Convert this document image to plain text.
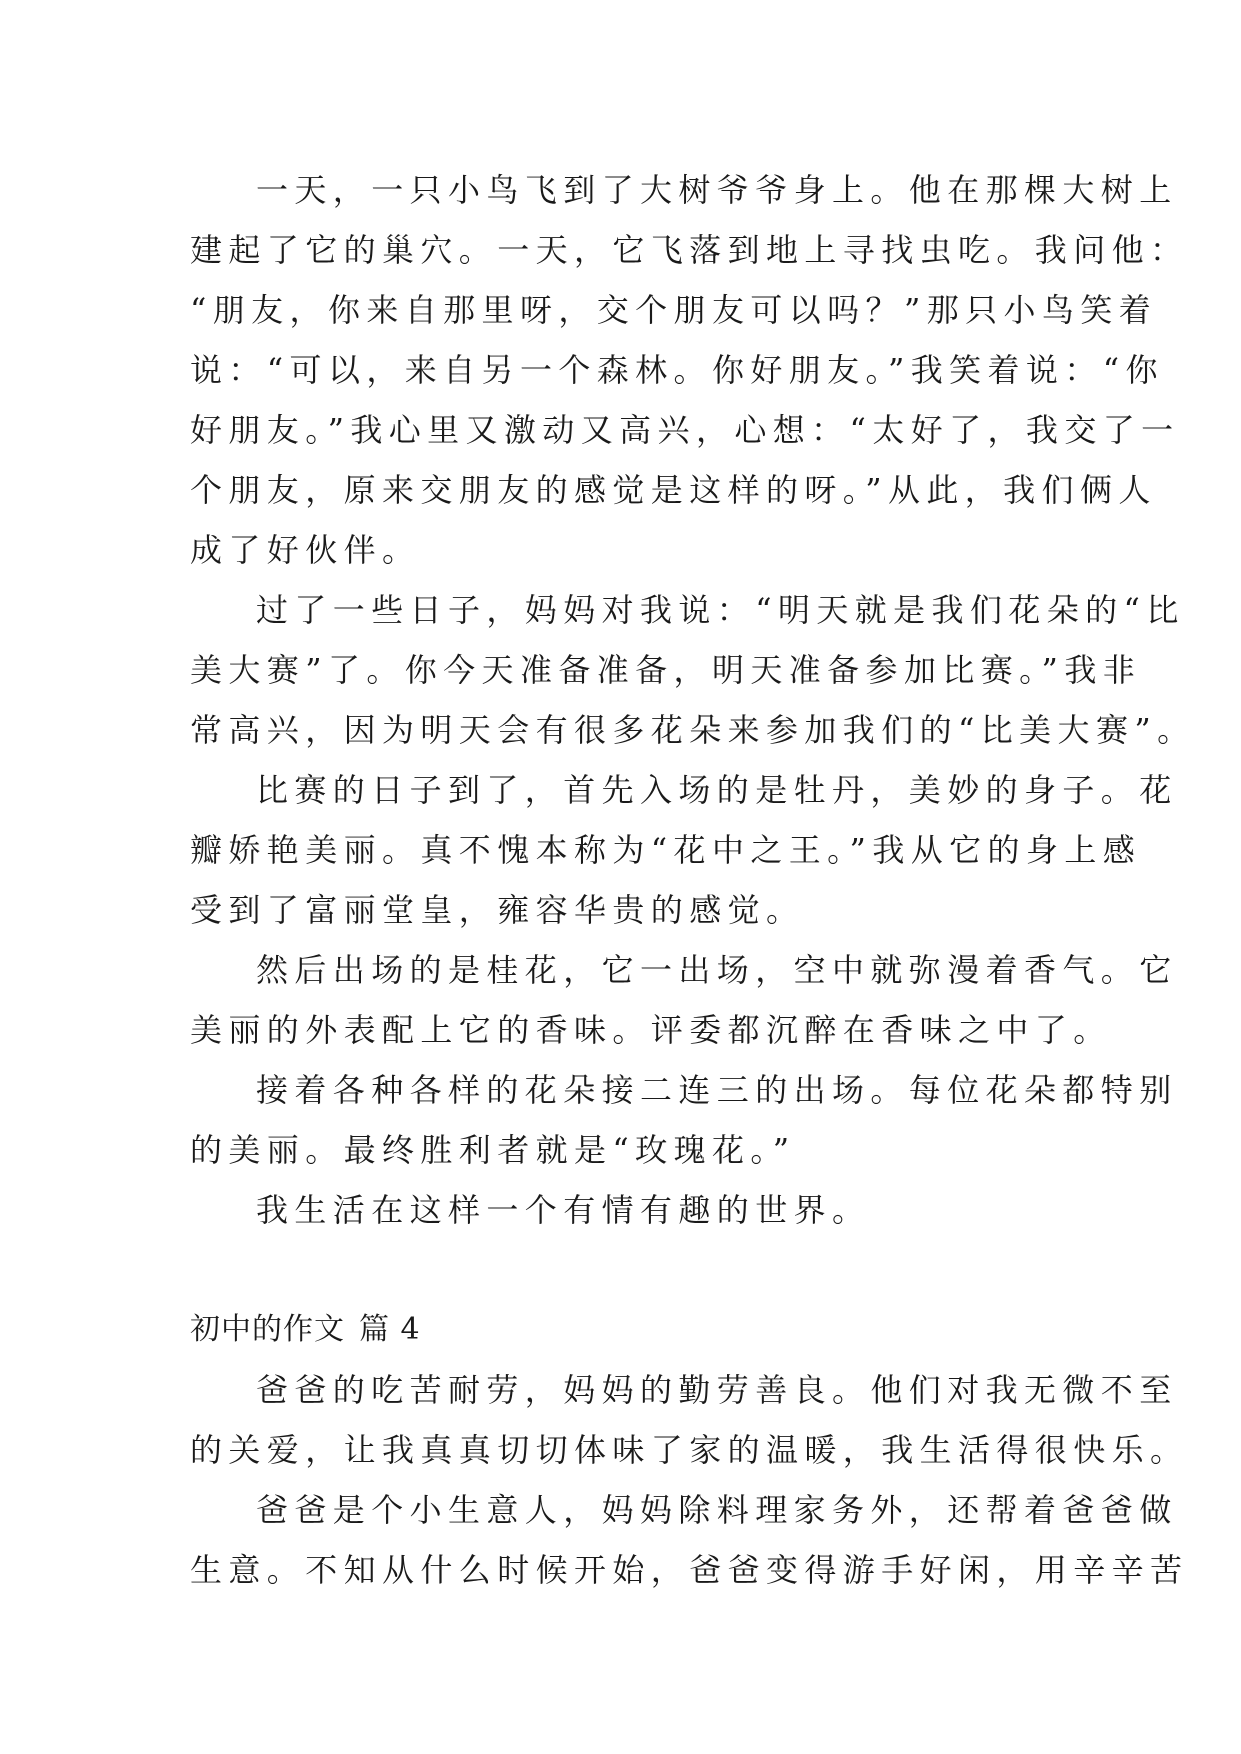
一天，一只小鸟飞到了大树爷爷身上。他在那棵大树上
建起了它的巢穴。一天，它飞落到地上寻找虫吃。我问他：
“朋友，你来自那里呀，交个朋友可以吗？”那只小鸟笑着
说：“可以，来自另一个森林。你好朋友。”我笑着说：“你
好朋友。”我心里又激动又高兴，心想：“太好了，我交了一
个朋友，原来交朋友的感觉是这样的呀。”从此，我们俩人
成了好伙伴。
过了一些日子，妈妈对我说：“明天就是我们花朵的“比
美大赛”了。你今天准备准备，明天准备参加比赛。”我非
常高兴，因为明天会有很多花朵来参加我们的“比美大赛”。
比赛的日子到了，首先入场的是牡丹，美妙的身子。花
瓣娇艳美丽。真不愧本称为“花中之王。”我从它的身上感
受到了富丽堂皇，雍容华贵的感觉。
然后出场的是桂花，它一出场，空中就弥漫着香气。它
美丽的外表配上它的香味。评委都沉醉在香味之中了。
接着各种各样的花朵接二连三的出场。每位花朵都特别
的美丽。最终胜利者就是“玫瑰花。”
我生活在这样一个有情有趣的世界。
初中的作文 篇 4
爸爸的吃苦耐劳，妈妈的勤劳善良。他们对我无微不至
的关爱，让我真真切切体味了家的温暖，我生活得很快乐。
爸爸是个小生意人，妈妈除料理家务外，还帮着爸爸做
生意。不知从什么时候开始，爸爸变得游手好闲，用辛辛苦
